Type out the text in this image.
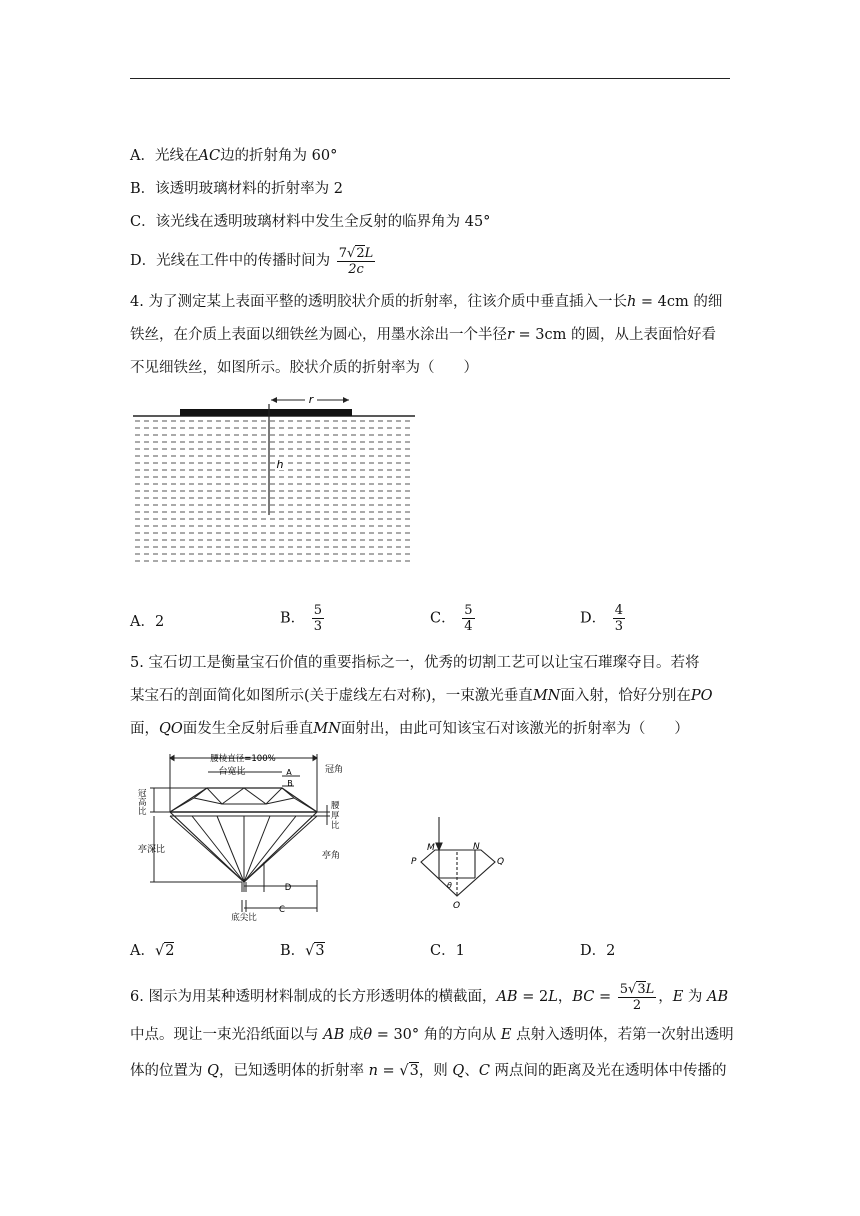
A．光线在AC边的折射角为 60°
B．该透明玻璃材料的折射率为 2
C．该光线在透明玻璃材料中发生全反射的临界角为 45°
D．光线在工件中的传播时间为 $\frac{7√2L}{2c}$
4. 为了测定某上表面平整的透明胶状介质的折射率，往该介质中垂直插入一长h = 4cm 的细
铁丝，在介质上表面以细铁丝为圆心，用墨水涂出一个半径r = 3cm 的圆，从上表面恰好看
不见细铁丝，如图所示。胶状介质的折射率为（　　）
r
h
A．2	B． $\frac{5}{3}$	C． $\frac{5}{4}$	D． $\frac{4}{3}$
5. 宝石切工是衡量宝石价值的重要指标之一，优秀的切割工艺可以让宝石璀璨夺目。若将
某宝石的剖面简化如图所示(关于虚线左右对称)，一束激光垂直MN面入射，恰好分别在PO
面，QO面发生全反射后垂直MN面射出，由此可知该宝石对该激光的折射率为（　　）
腰棱直径=100%
台宽比	A
B
冠角
冠
高
比
腰
厚
比
亭深比
亭角
D
C
底尖比
M	N
P	Q
O
θ
A．√2	B．√3	C．1	D．2
6. 图示为用某种透明材料制成的长方形透明体的横截面，AB = 2L，BC = $\frac{5√3L}{2}$ ，E 为 AB
中点。现让一束光沿纸面以与 AB 成θ = 30° 角的方向从 E 点射入透明体，若第一次射出透明
体的位置为 Q，已知透明体的折射率 n = √3，则 Q、C 两点间的距离及光在透明体中传播的
